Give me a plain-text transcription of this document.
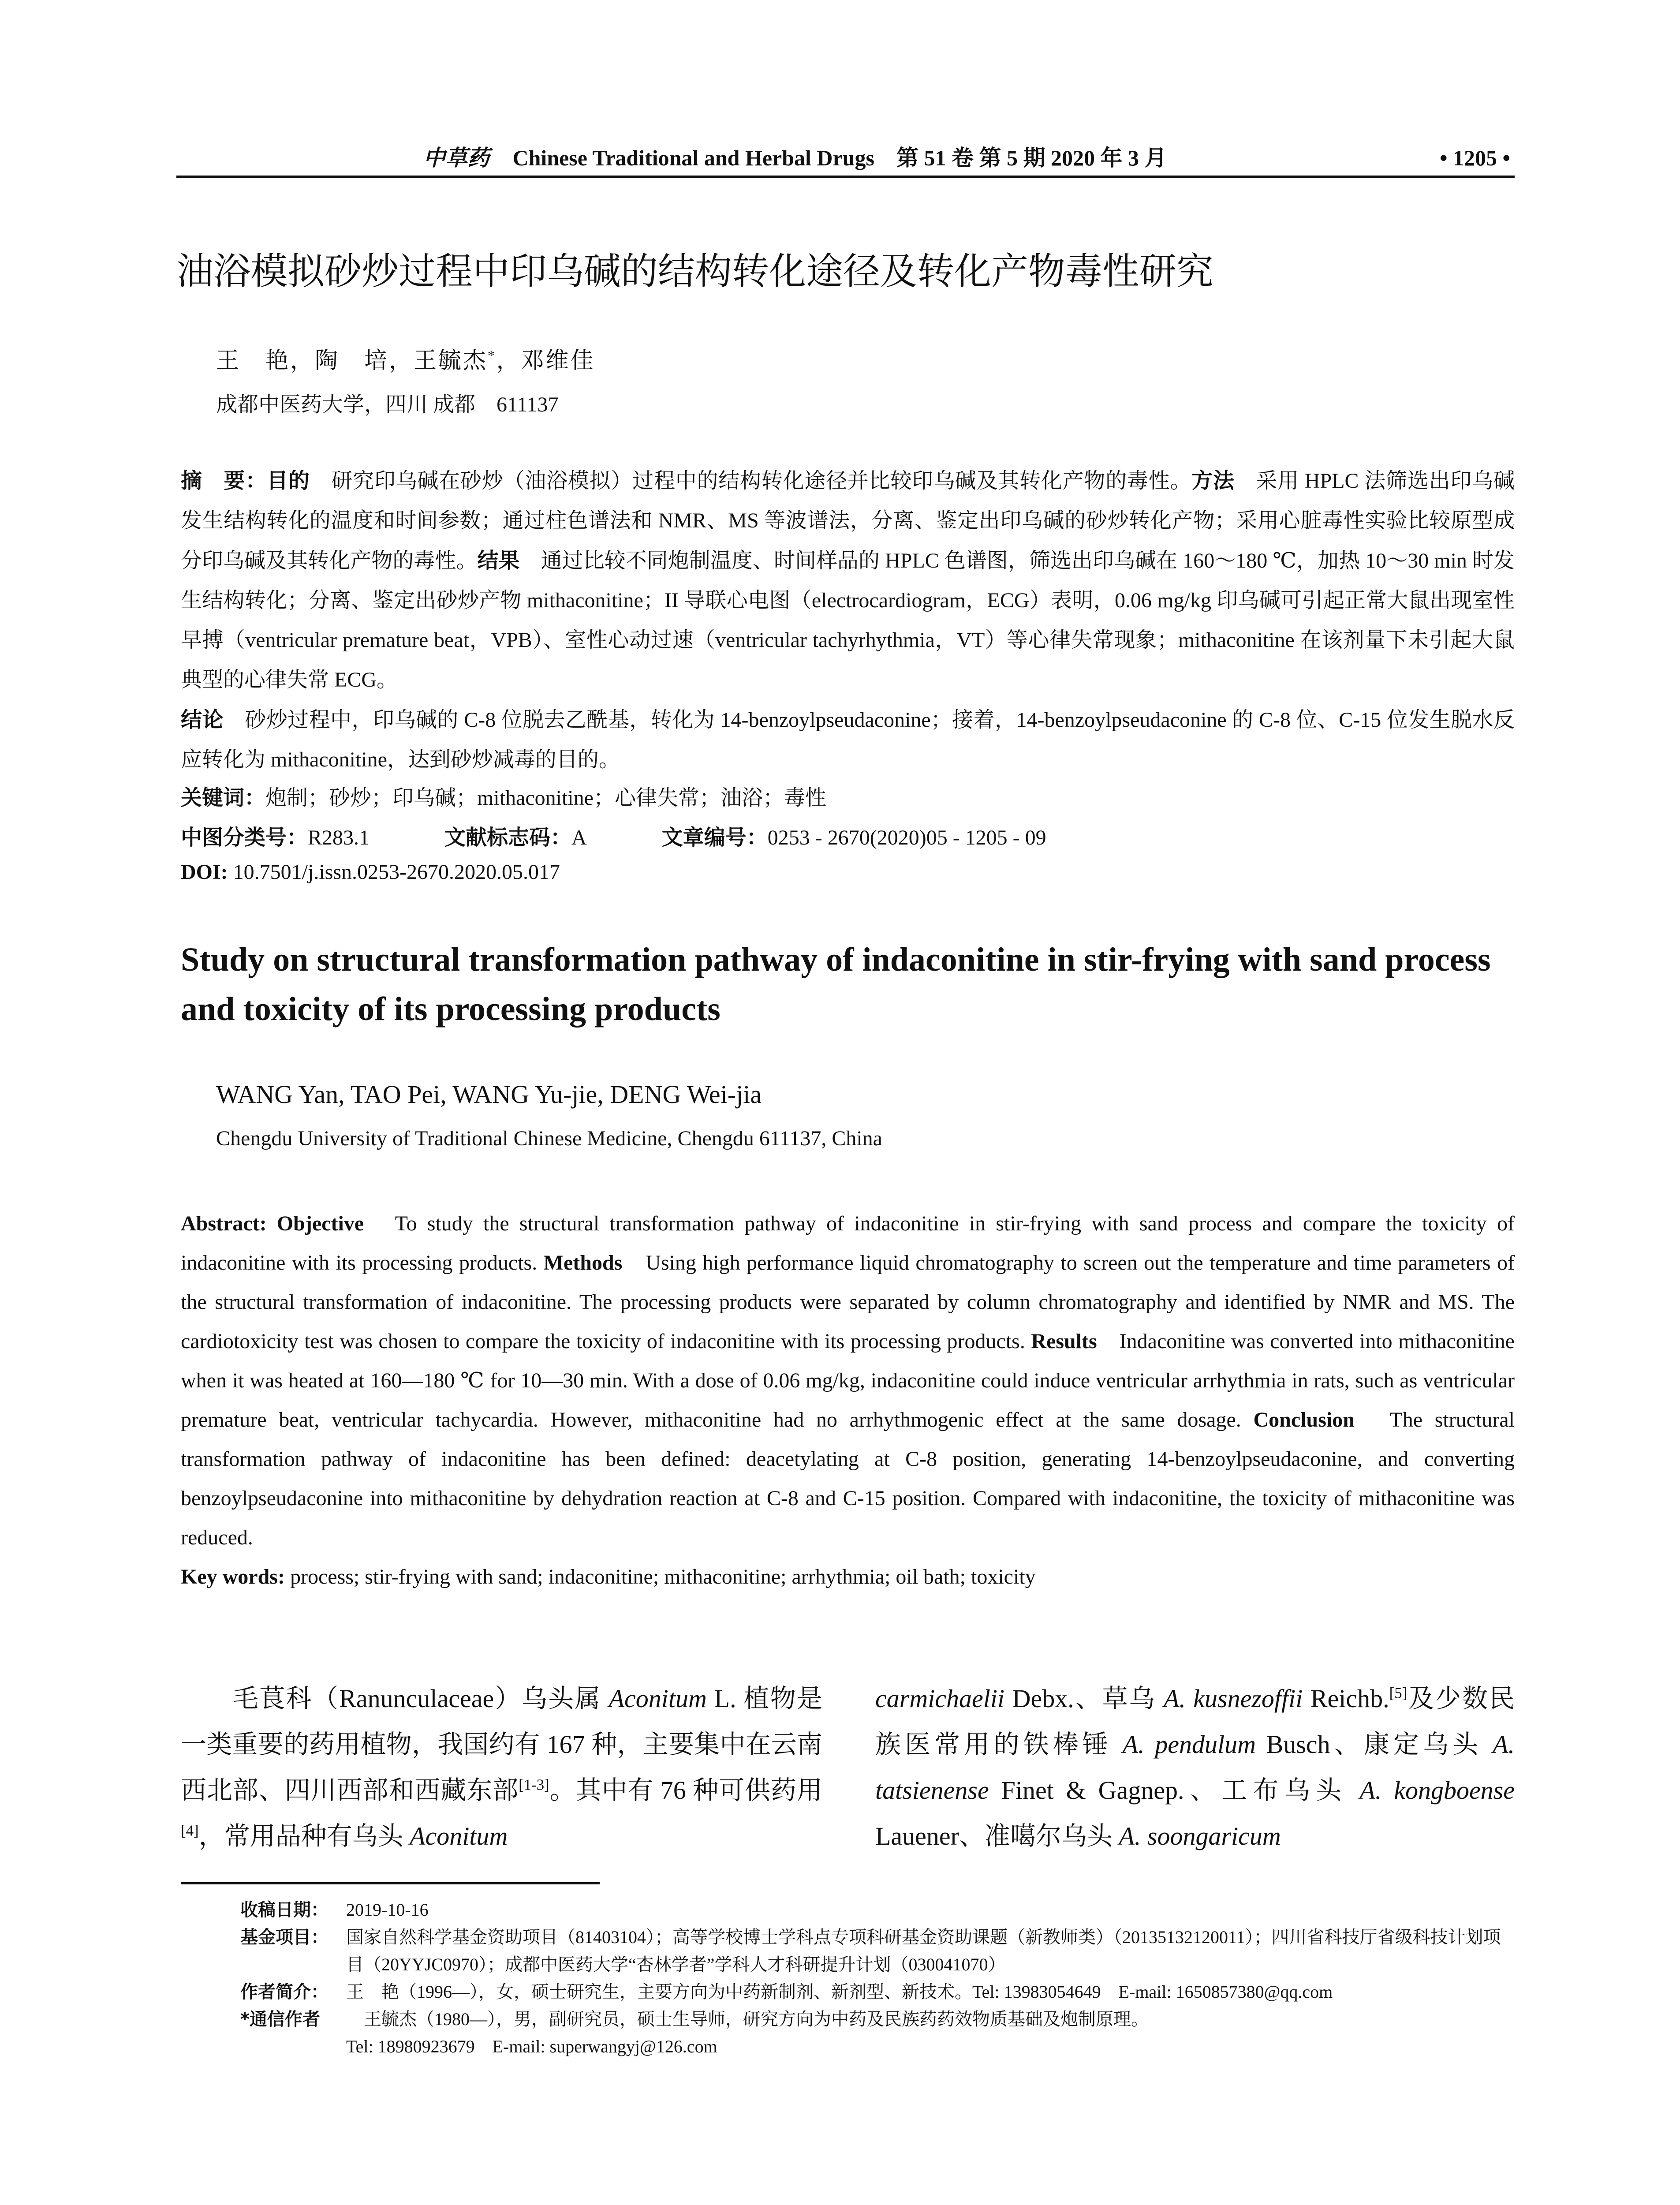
中草药 Chinese Traditional and Herbal Drugs　第 51 卷 第 5 期 2020 年 3 月	• 1205 •
油浴模拟砂炒过程中印乌碱的结构转化途径及转化产物毒性研究
王　艳，陶　培，王毓杰*，邓维佳
成都中医药大学，四川 成都　611137

摘　要：目的　研究印乌碱在砂炒（油浴模拟）过程中的结构转化途径并比较印乌碱及其转化产物的毒性。方法　采用 HPLC 法筛选出印乌碱发生结构转化的温度和时间参数；通过柱色谱法和 NMR、MS 等波谱法，分离、鉴定出印乌碱的砂炒转化产物；采用心脏毒性实验比较原型成分印乌碱及其转化产物的毒性。结果　通过比较不同炮制温度、时间样品的 HPLC 色谱图，筛选出印乌碱在 160～180 ℃，加热 10～30 min 时发生结构转化；分离、鉴定出砂炒产物 mithaconitine；II 导联心电图（electrocardiogram，ECG）表明，0.06 mg/kg 印乌碱可引起正常大鼠出现室性早搏（ventricular premature beat，VPB）、室性心动过速（ventricular tachyrhythmia，VT）等心律失常现象；mithaconitine 在该剂量下未引起大鼠典型的心律失常 ECG。

结论　砂炒过程中，印乌碱的 C-8 位脱去乙酰基，转化为 14-benzoylpseudaconine；接着，14-benzoylpseudaconine 的 C-8 位、C-15 位发生脱水反应转化为 mithaconitine，达到砂炒减毒的目的。

关键词：炮制；砂炒；印乌碱；mithaconitine；心律失常；油浴；毒性
中图分类号：R283.1	文献标志码：A	文章编号：0253 - 2670(2020)05 - 1205 - 09
DOI: 10.7501/j.issn.0253-2670.2020.05.017
Study on structural transformation pathway of indaconitine in stir-frying with sand process and toxicity of its processing products
WANG Yan, TAO Pei, WANG Yu-jie, DENG Wei-jia
Chengdu University of Traditional Chinese Medicine, Chengdu 611137, China

Abstract: Objective　To study the structural transformation pathway of indaconitine in stir-frying with sand process and compare the toxicity of indaconitine with its processing products. Methods　Using high performance liquid chromatography to screen out the temperature and time parameters of the structural transformation of indaconitine. The processing products were separated by column chromatography and identified by NMR and MS. The cardiotoxicity test was chosen to compare the toxicity of indaconitine with its processing products. Results　Indaconitine was converted into mithaconitine when it was heated at 160—180 ℃ for 10—30 min. With a dose of 0.06 mg/kg, indaconitine could induce ventricular arrhythmia in rats, such as ventricular premature beat, ventricular tachycardia. However, mithaconitine had no arrhythmogenic effect at the same dosage. Conclusion　The structural transformation pathway of indaconitine has been defined: deacetylating at C-8 position, generating 14-benzoylpseudaconine, and converting benzoylpseudaconine into mithaconitine by dehydration reaction at C-8 and C-15 position. Compared with indaconitine, the toxicity of mithaconitine was reduced.

Key words: process; stir-frying with sand; indaconitine; mithaconitine; arrhythmia; oil bath; toxicity

毛茛科（Ranunculaceae）乌头属 Aconitum L. 植物是一类重要的药用植物，我国约有 167 种，主要集中在云南西北部、四川西部和西藏东部[1-3]。其中有 76 种可供药用[4]，常用品种有乌头 Aconitum

carmichaelii Debx.、草乌 A. kusnezoffii Reichb.[5]及少数民族医常用的铁棒锤 A. pendulum Busch、康定乌头 A. tatsienense Finet & Gagnep.、工布乌头 A. kongboense Lauener、准噶尔乌头 A. soongaricum

收稿日期： 2019-10-16
基金项目： 国家自然科学基金资助项目（81403104）；高等学校博士学科点专项科研基金资助课题（新教师类）（20135132120011）；四川省科技厅省级科技计划项目（20YYJC0970）；成都中医药大学“杏林学者”学科人才科研提升计划（030041070）
作者简介： 王　艳（1996—），女，硕士研究生，主要方向为中药新制剂、新剂型、新技术。Tel: 13983054649　E-mail: 1650857380@qq.com
*通信作者 　王毓杰（1980—），男，副研究员，硕士生导师，研究方向为中药及民族药药效物质基础及炮制原理。
Tel: 18980923679　E-mail: superwangyj@126.com
